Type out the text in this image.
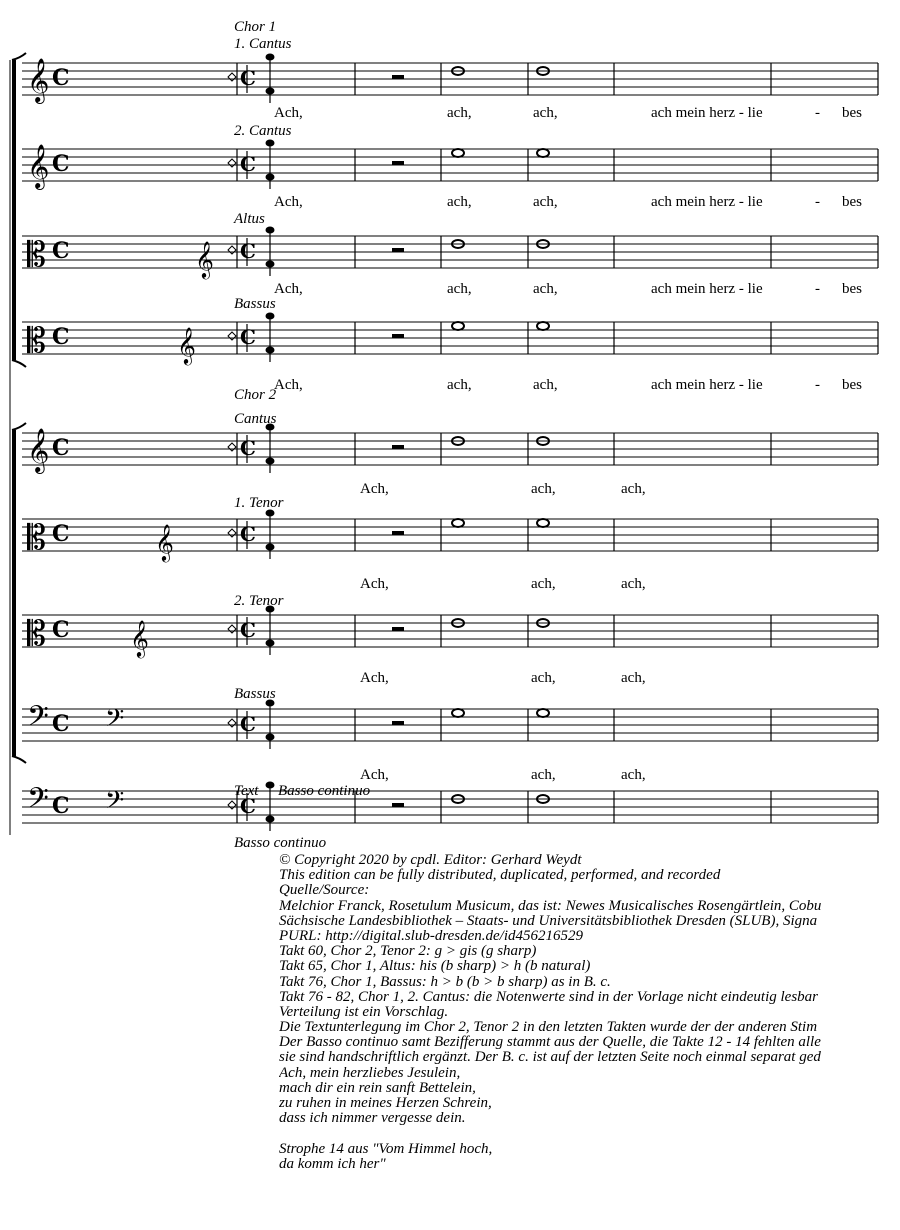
𝄞 C	C
𝄞 C	C
𝄡 C	C
𝄡 C	C
𝄞 C	C
𝄡 C	C
𝄡 C	C
𝄢 C	C
𝄢 C	C
𝄞
𝄞
𝄞
𝄞
𝄢
𝄢
Chor 1
Chor 2
1. Cantus
2. Cantus
Altus
Bassus
Cantus
1. Tenor
2. Tenor
Bassus
Text Basso continuo
Basso continuo
Ach,	ach,	ach,	ach mein herz - lie	- bes
Ach,	ach,	ach,	ach mein herz - lie	- bes
Ach,	ach,	ach,	ach mein herz - lie	- bes
Ach,	ach,	ach,	ach mein herz - lie	- bes
Ach,	ach,	ach,
Ach,	ach,	ach,
Ach,	ach,	ach,
Ach,	ach,	ach,
© Copyright 2020 by cpdl. Editor: Gerhard Weydt
This edition can be fully distributed, duplicated, performed, and recorded
Quelle/Source:
Melchior Franck, Rosetulum Musicum, das ist: Newes Musicalisches Rosengärtlein, Cobu
Sächsische Landesbibliothek – Staats- und Universitätsbibliothek Dresden (SLUB), Signa
PURL: http://digital.slub-dresden.de/id456216529
Takt 60, Chor 2, Tenor 2: g > gis (g sharp)
Takt 65, Chor 1, Altus: his (b sharp) > h (b natural)
Takt 76, Chor 1, Bassus: h > b (b > b sharp) as in B. c.
Takt 76 - 82, Chor 1, 2. Cantus: die Notenwerte sind in der Vorlage nicht eindeutig lesbar
Verteilung ist ein Vorschlag.
Die Textunterlegung im Chor 2, Tenor 2 in den letzten Takten wurde der der anderen Stim
Der Basso continuo samt Bezifferung stammt aus der Quelle, die Takte 12 - 14 fehlten alle
sie sind handschriftlich ergänzt. Der B. c. ist auf der letzten Seite noch einmal separat ged
Ach, mein herzliebes Jesulein,
mach dir ein rein sanft Bettelein,
zu ruhen in meines Herzen Schrein,
dass ich nimmer vergesse dein.
Strophe 14 aus "Vom Himmel hoch,
da komm ich her"
